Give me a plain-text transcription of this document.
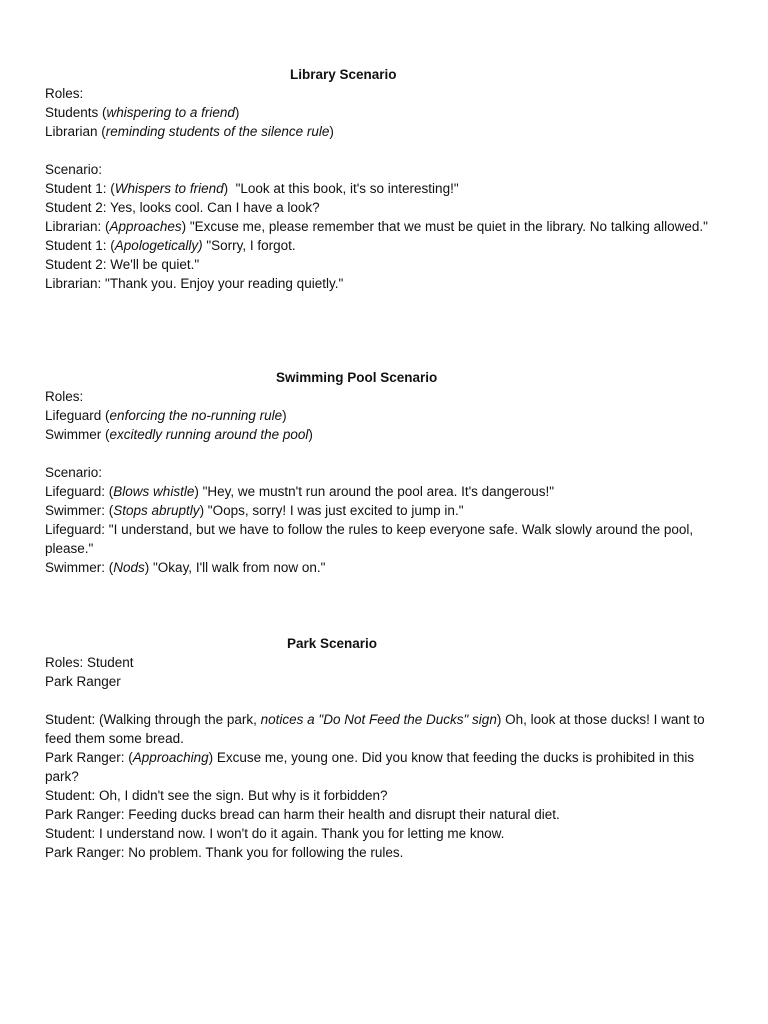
Library Scenario
Roles:
Students (whispering to a friend)
Librarian (reminding students of the silence rule)
Scenario:
Student 1: (Whispers to friend)  "Look at this book, it's so interesting!"
Student 2: Yes, looks cool. Can I have a look?
Librarian: (Approaches) "Excuse me, please remember that we must be quiet in the library. No talking allowed."
Student 1: (Apologetically) "Sorry, I forgot.
Student 2: We'll be quiet."
Librarian: "Thank you. Enjoy your reading quietly."
Swimming Pool Scenario
Roles:
Lifeguard (enforcing the no-running rule)
Swimmer (excitedly running around the pool)
Scenario:
Lifeguard: (Blows whistle) "Hey, we mustn't run around the pool area. It's dangerous!"
Swimmer: (Stops abruptly) "Oops, sorry! I was just excited to jump in."
Lifeguard: "I understand, but we have to follow the rules to keep everyone safe. Walk slowly around the pool, please."
Swimmer: (Nods) "Okay, I'll walk from now on."
Park Scenario
Roles: Student
Park Ranger
Student: (Walking through the park, notices a "Do Not Feed the Ducks" sign) Oh, look at those ducks! I want to feed them some bread.
Park Ranger: (Approaching) Excuse me, young one. Did you know that feeding the ducks is prohibited in this park?
Student: Oh, I didn't see the sign. But why is it forbidden?
Park Ranger: Feeding ducks bread can harm their health and disrupt their natural diet.
Student: I understand now. I won't do it again. Thank you for letting me know.
Park Ranger: No problem. Thank you for following the rules.
